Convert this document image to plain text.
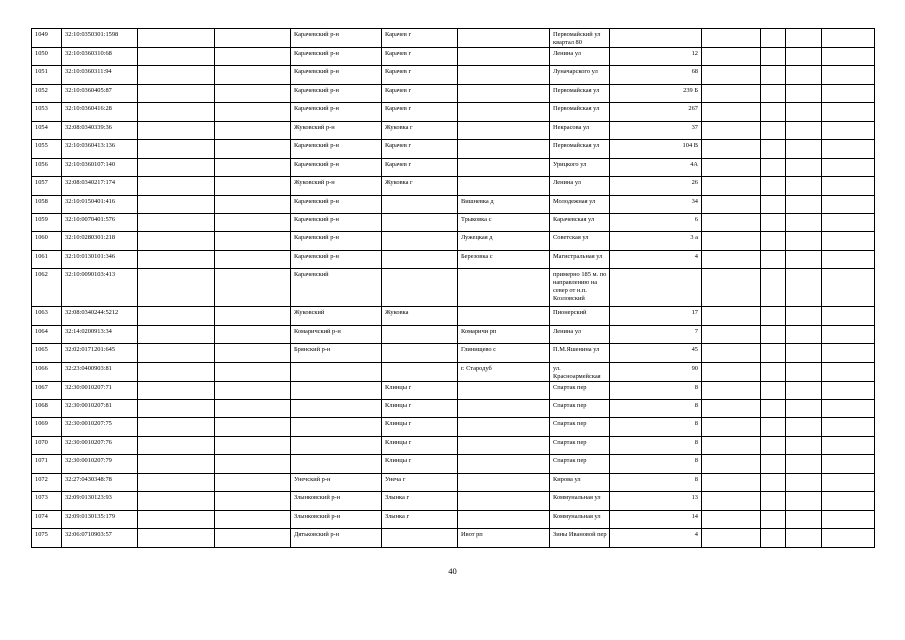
1049	32:10:0350301:1598			Карачевский р-н	Карачев г		Первомайский ул квартал 80					
1050	32:10:0360310:68			Карачевский р-н	Карачев г		Ленина ул	12				
1051	32:10:0360311:94			Карачевский р-н	Карачев г		Луначарского ул	68				
1052	32:10:0360405:87			Карачевский р-н	Карачев г		Первомайская ул	239 Б				
1053	32:10:0360416:28			Карачевский р-н	Карачев г		Первомайская ул	267				
1054	32:08:0340339:36			Жуковский р-н	Жуковка г		Некрасова ул	37				
1055	32:10:0360413:136			Карачевский р-н	Карачев г		Первомайская ул	104 В				
1056	32:10:0360107:140			Карачевский р-н	Карачев г		Урицкого ул	4А				
1057	32:08:0340217:174			Жуковский р-н	Жуковка г		Ленина ул	26				
1058	32:10:0150401:416			Карачевский р-н		Вишневка д	Молодежная ул	34				
1059	32:10:0070401:576			Карачевский р-н		Трыковка с	Карачевская ул	6				
1060	32:10:0280301:218			Карачевский р-н		Лужецкая д	Советская ул	3 а				
1061	32:10:0130101:346			Карачевский р-н		Березовка с	Магистральная ул	4				
1062	32:10:0090103:413			Карачевский			примерно 185 м. по направлению на север от н.п. Козловский					
1063	32:08:0340244:5212			Жуковский	Жуковка		Пионерский	17				
1064	32:14:0200913:34			Комаричский р-н		Комаричи рп	Ленина ул	7				
1065	32:02:0171201:645			Брянский р-н		Глинищево с	П.М.Яшенина ул	45				
1066	32:23:0400903:81					г. Стародуб	ул. Красноармейская	90				
1067	32:30:0010207:71				Клинцы г		Спартак пер	8				
1068	32:30:0010207:81				Клинцы г		Спартак пер	8				
1069	32:30:0010207:75				Клинцы г		Спартак пер	8				
1070	32:30:0010207:76				Клинцы г		Спартак пер	8				
1071	32:30:0010207:79				Клинцы г		Спартак пер	8				
1072	32:27:0430348:78			Унечский р-н	Унеча г		Кирова ул	8				
1073	32:09:0130123:93			Злынковский р-н	Злынка г		Коммунальная ул	13				
1074	32:09:0130135:179			Злынковский р-н	Злынка г		Коммунальная ул	14				
1075	32:06:0710903:57			Дятьковский р-н		Ивот рп	Зины Ивановой пер	4				
40
